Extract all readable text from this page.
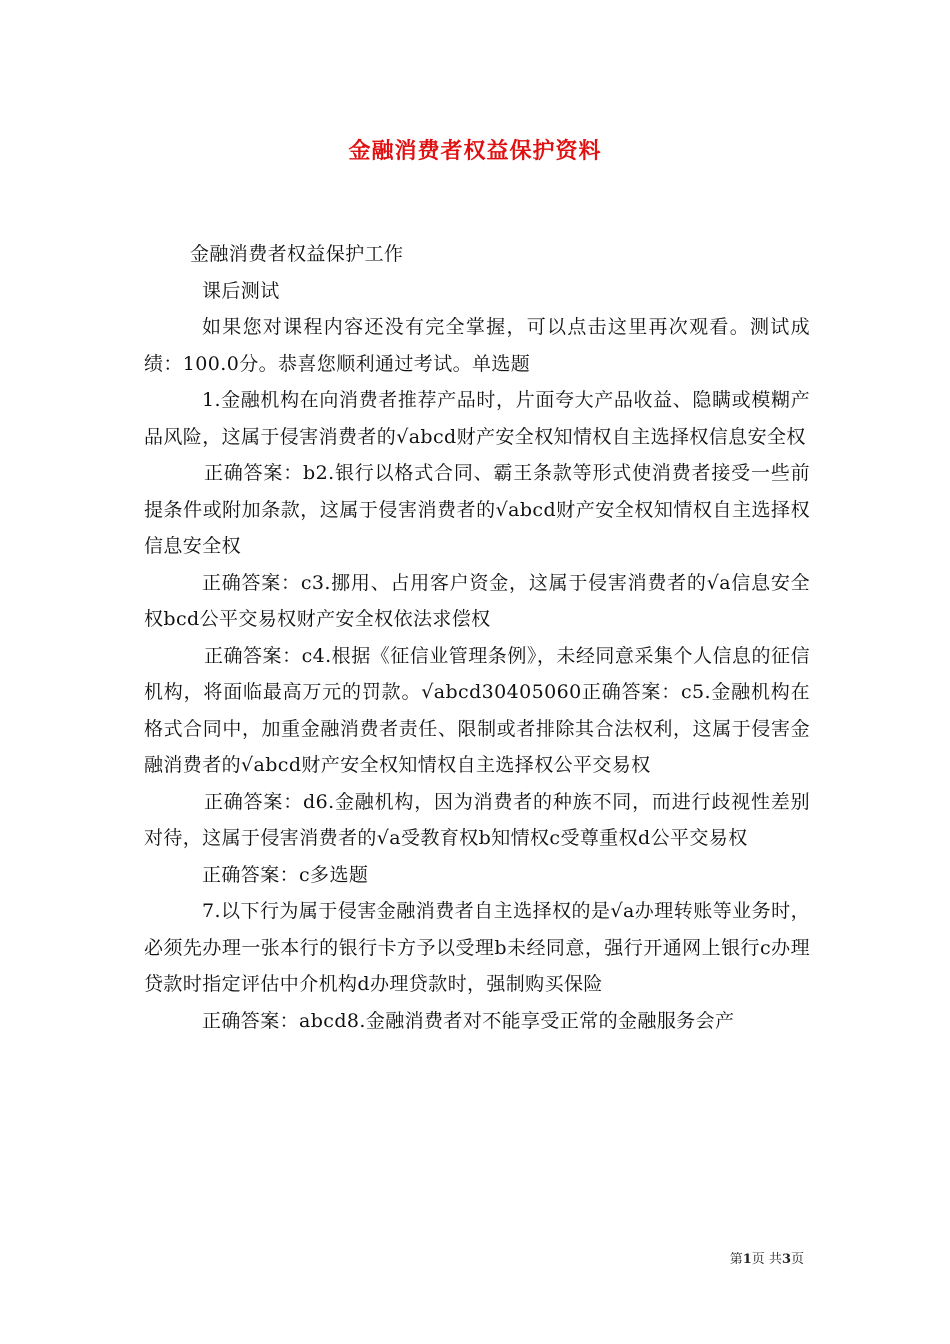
金融消费者权益保护资料

金融消费者权益保护工作

课后测试

如果您对课程内容还没有完全掌握，可以点击这里再次观看。测试成绩：100.0分。恭喜您顺利通过考试。单选题

1.金融机构在向消费者推荐产品时，片面夸大产品收益、隐瞒或模糊产品风险，这属于侵害消费者的√abcd财产安全权知情权自主选择权信息安全权

正确答案：b2.银行以格式合同、霸王条款等形式使消费者接受一些前提条件或附加条款，这属于侵害消费者的√abcd财产安全权知情权自主选择权信息安全权

正确答案：c3.挪用、占用客户资金，这属于侵害消费者的√a信息安全权bcd公平交易权财产安全权依法求偿权

正确答案：c4.根据《征信业管理条例》，未经同意采集个人信息的征信机构，将面临最高万元的罚款。√abcd30405060正确答案：c5.金融机构在格式合同中，加重金融消费者责任、限制或者排除其合法权利，这属于侵害金融消费者的√abcd财产安全权知情权自主选择权公平交易权

正确答案：d6.金融机构，因为消费者的种族不同，而进行歧视性差别对待，这属于侵害消费者的√a受教育权b知情权c受尊重权d公平交易权

正确答案：c多选题

7.以下行为属于侵害金融消费者自主选择权的是√a办理转账等业务时，必须先办理一张本行的银行卡方予以受理b未经同意，强行开通网上银行c办理贷款时指定评估中介机构d办理贷款时，强制购买保险

正确答案：abcd8.金融消费者对不能享受正常的金融服务会产

第1页 共3页
